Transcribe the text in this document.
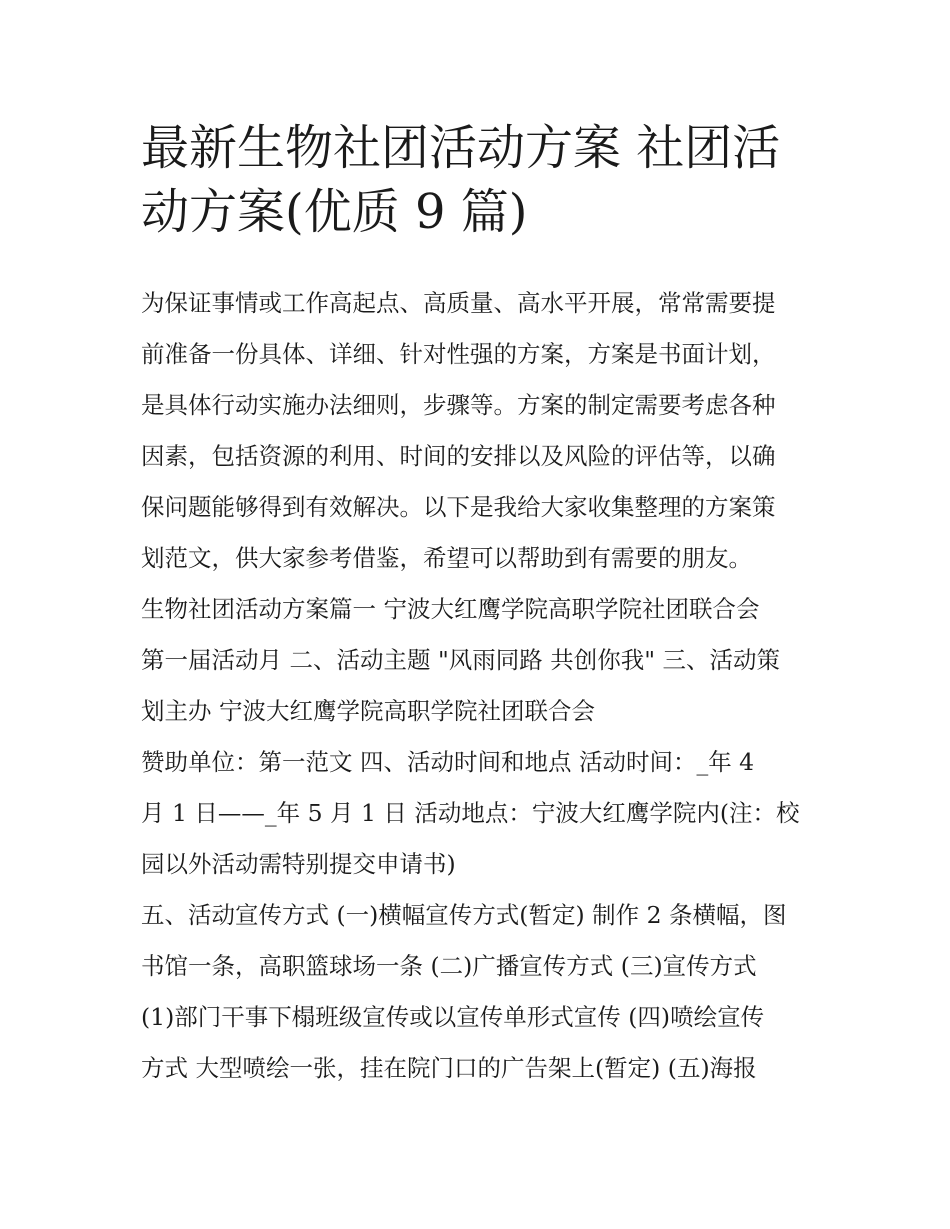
最新生物社团活动方案 社团活
动方案(优质 9 篇)

为保证事情或工作高起点、高质量、高水平开展，常常需要提
前准备一份具体、详细、针对性强的方案，方案是书面计划，
是具体行动实施办法细则，步骤等。方案的制定需要考虑各种
因素，包括资源的利用、时间的安排以及风险的评估等，以确
保问题能够得到有效解决。以下是我给大家收集整理的方案策
划范文，供大家参考借鉴，希望可以帮助到有需要的朋友。

生物社团活动方案篇一 宁波大红鹰学院高职学院社团联合会
第一届活动月 二、活动主题 "风雨同路 共创你我" 三、活动策
划主办 宁波大红鹰学院高职学院社团联合会

赞助单位：第一范文 四、活动时间和地点 活动时间：_年 4
月 1 日——_年 5 月 1 日 活动地点：宁波大红鹰学院内(注：校
园以外活动需特别提交申请书)

五、活动宣传方式 (一)横幅宣传方式(暂定) 制作 2 条横幅，图
书馆一条，高职篮球场一条 (二)广播宣传方式 (三)宣传方式
(1)部门干事下榻班级宣传或以宣传单形式宣传 (四)喷绘宣传
方式 大型喷绘一张，挂在院门口的广告架上(暂定) (五)海报
